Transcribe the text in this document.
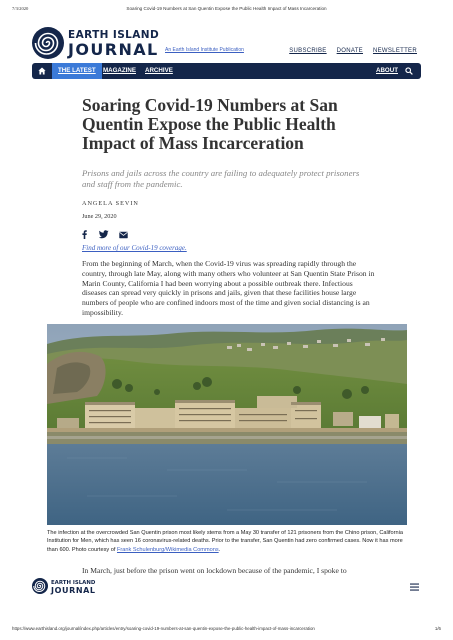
7/3/2020	Soaring Covid-19 Numbers at San Quentin Expose the Public Health Impact of Mass Incarceration
EARTH ISLAND
JOURNAL An Earth Island Institute Publication	SUBSCRIBE DONATE NEWSLETTER
THE LATEST	MAGAZINE ARCHIVE	ABOUT
Soaring Covid-19 Numbers at San Quentin Expose the Public Health Impact of Mass Incarceration

Prisons and jails across the country are failing to adequately protect prisoners and staff from the pandemic.

ANGELA SEVIN
June 29, 2020
Find more of our Covid-19 coverage.

From the beginning of March, when the Covid-19 virus was spreading rapidly through the country, through late May, along with many others who volunteer at San Quentin State Prison in Marin County, California I had been worrying about a possible outbreak there. Infectious diseases can spread very quickly in prisons and jails, given that these facilities house large numbers of people who are confined indoors most of the time and given social distancing is an impossibility.

The infection at the overcrowded San Quentin prison most likely stems from a May 30 transfer of 121 prisoners from the Chino prison, California Institution for Men, which has seen 16 coronavirus-related deaths. Prior to the transfer, San Quentin had zero confirmed cases. Now it has more than 600. Photo courtesy of Frank Schulenburg/Wikimedia Commons.

In March, just before the prison went on lockdown because of the pandemic, I spoke to

EARTH ISLAND
JOURNAL
https://www.earthisland.org/journal/index.php/articles/entry/soaring-covid-19-numbers-at-san-quentin-expose-the-public-health-impact-of-mass-incarceration	1/6
